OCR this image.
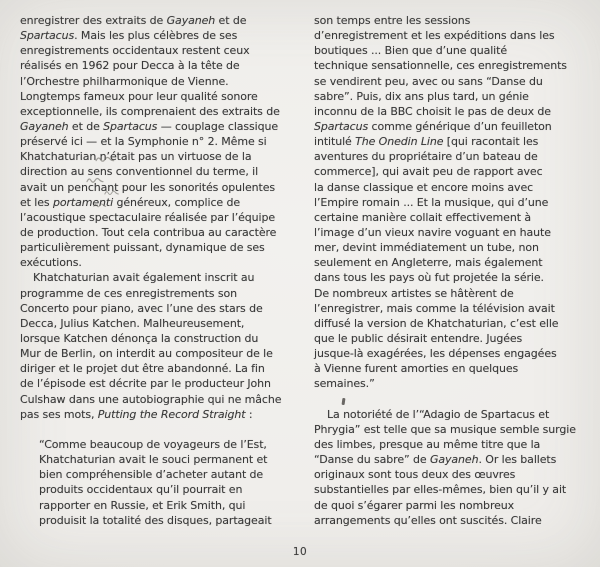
enregistrer des extraits de Gayaneh et de
Spartacus. Mais les plus célèbres de ses
enregistrements occidentaux restent ceux
réalisés en 1962 pour Decca à la tête de
l’Orchestre philharmonique de Vienne.
Longtemps fameux pour leur qualité sonore
exceptionnelle, ils comprenaient des extraits de
Gayaneh et de Spartacus — couplage classique
préservé ici — et la Symphonie n° 2. Même si
Khatchaturian n’était pas un virtuose de la
direction au sens conventionnel du terme, il
avait un penchant pour les sonorités opulentes
et les portamenti généreux, complice de
l’acoustique spectaculaire réalisée par l’équipe
de production. Tout cela contribua au caractère
particulièrement puissant, dynamique de ses
exécutions.
Khatchaturian avait également inscrit au
programme de ces enregistrements son
Concerto pour piano, avec l’une des stars de
Decca, Julius Katchen. Malheureusement,
lorsque Katchen dénonça la construction du
Mur de Berlin, on interdit au compositeur de le
diriger et le projet dut être abandonné. La fin
de l’épisode est décrite par le producteur John
Culshaw dans une autobiographie qui ne mâche
pas ses mots, Putting the Record Straight :
“Comme beaucoup de voyageurs de l’Est,
Khatchaturian avait le souci permanent et
bien compréhensible d’acheter autant de
produits occidentaux qu’il pourrait en
rapporter en Russie, et Erik Smith, qui
produisit la totalité des disques, partageait
son temps entre les sessions
d’enregistrement et les expéditions dans les
boutiques ... Bien que d’une qualité
technique sensationnelle, ces enregistrements
se vendirent peu, avec ou sans “Danse du
sabre”. Puis, dix ans plus tard, un génie
inconnu de la BBC choisit le pas de deux de
Spartacus comme générique d’un feuilleton
intitulé The Onedin Line [qui racontait les
aventures du propriétaire d’un bateau de
commerce], qui avait peu de rapport avec
la danse classique et encore moins avec
l’Empire romain ... Et la musique, qui d’une
certaine manière collait effectivement à
l’image d’un vieux navire voguant en haute
mer, devint immédiatement un tube, non
seulement en Angleterre, mais également
dans tous les pays où fut projetée la série.
De nombreux artistes se hâtèrent de
l’enregistrer, mais comme la télévision avait
diffusé la version de Khatchaturian, c’est elle
que le public désirait entendre. Jugées
jusque-là exagérées, les dépenses engagées
à Vienne furent amorties en quelques
semaines.”
La notoriété de l’“Adagio de Spartacus et
Phrygia” est telle que sa musique semble surgie
des limbes, presque au même titre que la
“Danse du sabre” de Gayaneh. Or les ballets
originaux sont tous deux des œuvres
substantielles par elles-mêmes, bien qu’il y ait
de quoi s’égarer parmi les nombreux
arrangements qu’elles ont suscités. Claire
10
